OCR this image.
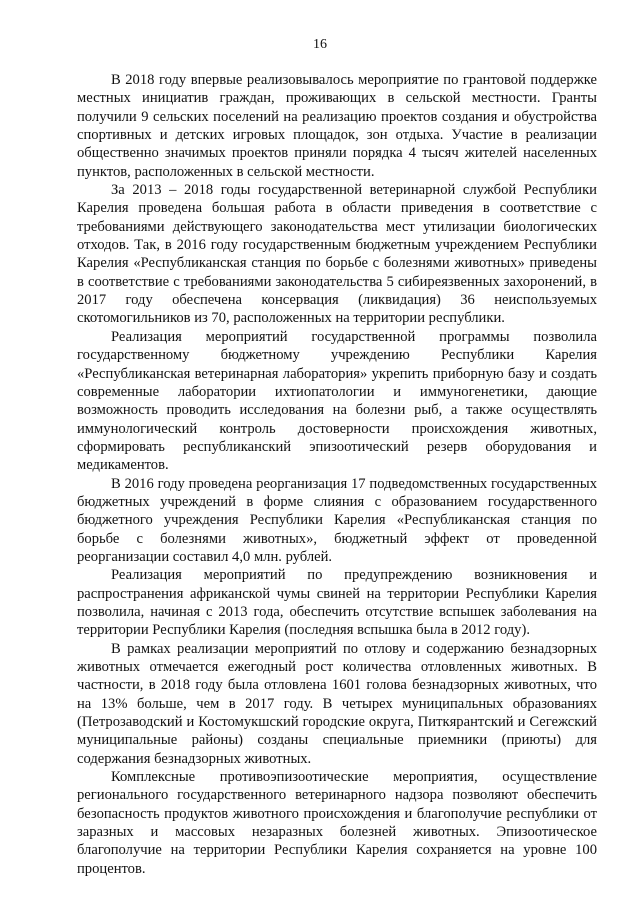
16

В 2018 году впервые реализовывалось мероприятие по грантовой поддержке местных инициатив граждан, проживающих в сельской местности. Гранты получили 9 сельских поселений на реализацию проектов создания и обустройства спортивных и детских игровых площадок, зон отдыха. Участие в реализации общественно значимых проектов приняли порядка 4 тысяч жителей населенных пунктов, расположенных в сельской местности.

За 2013 – 2018 годы государственной ветеринарной службой Республики Карелия проведена большая работа в области приведения в соответствие с требованиями действующего законодательства мест утилизации биологических отходов. Так, в 2016 году государственным бюджетным учреждением Республики Карелия «Республиканская станция по борьбе с болезнями животных» приведены в соответствие с требованиями законодательства 5 сибиреязвенных захоронений, в 2017 году обеспечена консервация (ликвидация) 36 неиспользуемых скотомогильников из 70, расположенных на территории республики.

Реализация мероприятий государственной программы позволила государственному бюджетному учреждению Республики Карелия «Республиканская ветеринарная лаборатория» укрепить приборную базу и создать современные лаборатории ихтиопатологии и иммуногенетики, дающие возможность проводить исследования на болезни рыб, а также осуществлять иммунологический контроль достоверности происхождения животных, сформировать республиканский эпизоотический резерв оборудования и медикаментов.

В 2016 году проведена реорганизация 17 подведомственных государственных бюджетных учреждений в форме слияния с образованием государственного бюджетного учреждения Республики Карелия «Республиканская станция по борьбе с болезнями животных», бюджетный эффект от проведенной реорганизации составил 4,0 млн. рублей.

Реализация мероприятий по предупреждению возникновения и распространения африканской чумы свиней на территории Республики Карелия позволила, начиная с 2013 года, обеспечить отсутствие вспышек заболевания на территории Республики Карелия (последняя вспышка была в 2012 году).

В рамках реализации мероприятий по отлову и содержанию безнадзорных животных отмечается ежегодный рост количества отловленных животных. В частности, в 2018 году была отловлена 1601 голова безнадзорных животных, что на 13% больше, чем в 2017 году. В четырех муниципальных образованиях (Петрозаводский и Костомукшский городские округа, Питкярантский и Сегежский муниципальные районы) созданы специальные приемники (приюты) для содержания безнадзорных животных.

Комплексные противоэпизоотические мероприятия, осуществление регионального государственного ветеринарного надзора позволяют обеспечить безопасность продуктов животного происхождения и благополучие республики от заразных и массовых незаразных болезней животных. Эпизоотическое благополучие на территории Республики Карелия сохраняется на уровне 100 процентов.
